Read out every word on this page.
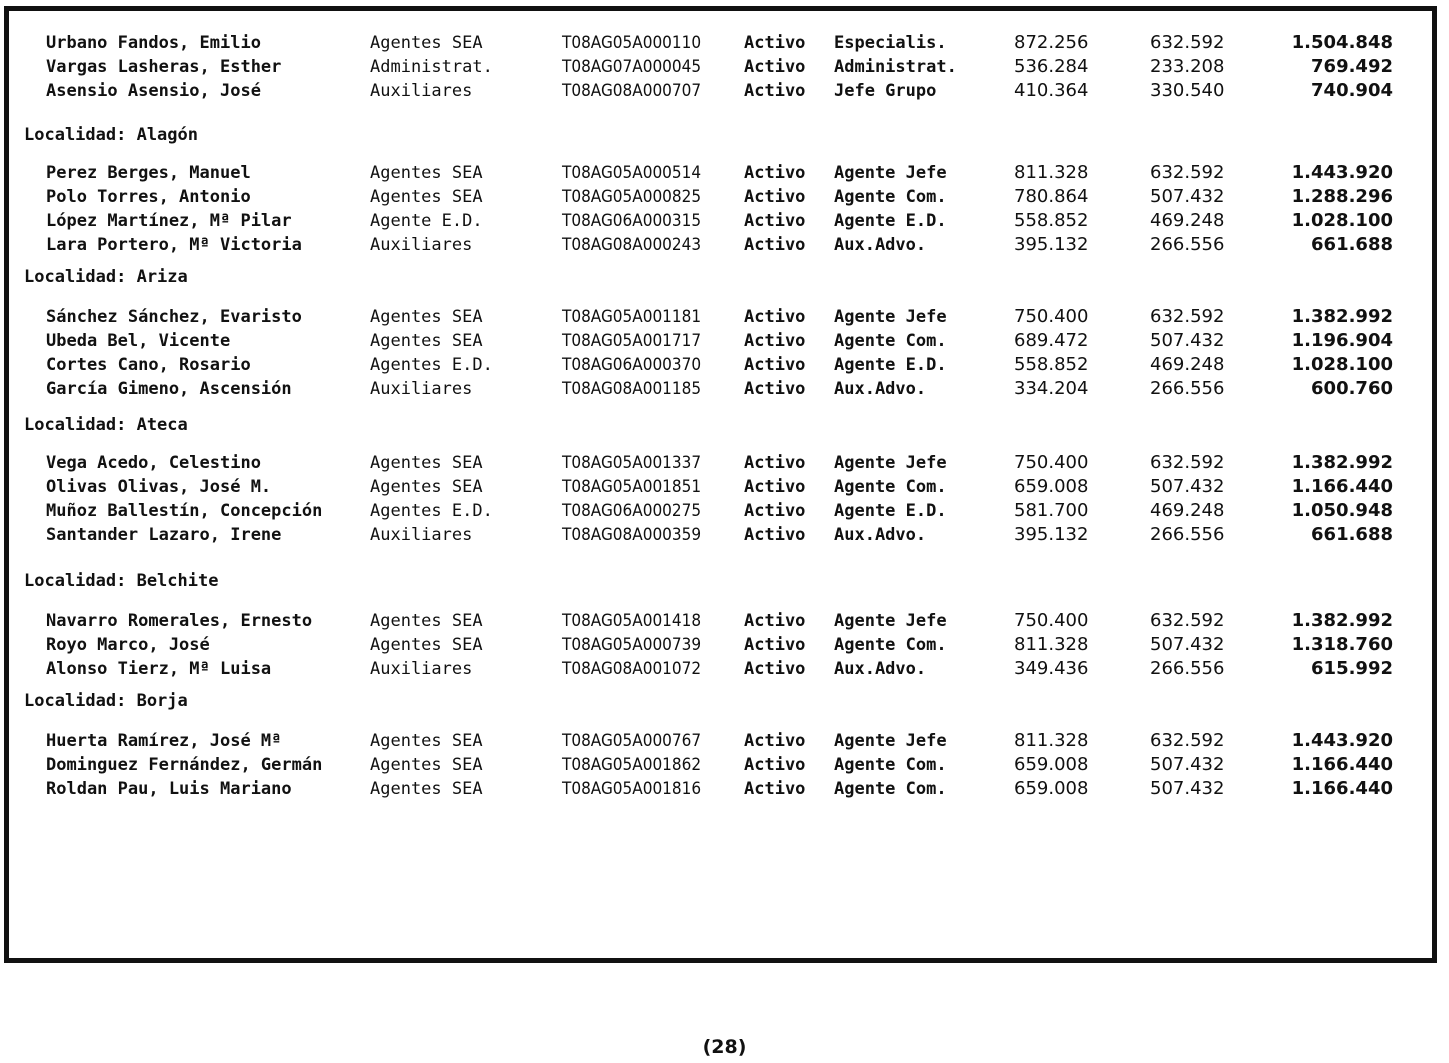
Urbano Fandos, Emilio	Agentes SEA	T08AG05A000110	Activo Especialis.	872.256	632.592	1.504.848
Vargas Lasheras, Esther	Administrat.	T08AG07A000045	Activo Administrat.	536.284	233.208	769.492
Asensio Asensio, José	Auxiliares	T08AG08A000707	Activo Jefe Grupo	410.364	330.540	740.904
Localidad: Alagón
Perez Berges, Manuel	Agentes SEA	T08AG05A000514	Activo Agente Jefe	811.328	632.592	1.443.920
Polo Torres, Antonio	Agentes SEA	T08AG05A000825	Activo Agente Com.	780.864	507.432	1.288.296
López Martínez, Mª Pilar	Agente E.D.	T08AG06A000315	Activo Agente E.D.	558.852	469.248	1.028.100
Lara Portero, Mª Victoria	Auxiliares	T08AG08A000243	Activo Aux.Advo.	395.132	266.556	661.688
Localidad: Ariza
Sánchez Sánchez, Evaristo	Agentes SEA	T08AG05A001181	Activo Agente Jefe	750.400	632.592	1.382.992
Ubeda Bel, Vicente	Agentes SEA	T08AG05A001717	Activo Agente Com.	689.472	507.432	1.196.904
Cortes Cano, Rosario	Agentes E.D.	T08AG06A000370	Activo Agente E.D.	558.852	469.248	1.028.100
García Gimeno, Ascensión	Auxiliares	T08AG08A001185	Activo Aux.Advo.	334.204	266.556	600.760
Localidad: Ateca
Vega Acedo, Celestino	Agentes SEA	T08AG05A001337	Activo Agente Jefe	750.400	632.592	1.382.992
Olivas Olivas, José M.	Agentes SEA	T08AG05A001851	Activo Agente Com.	659.008	507.432	1.166.440
Muñoz Ballestín, Concepción	Agentes E.D.	T08AG06A000275	Activo Agente E.D.	581.700	469.248	1.050.948
Santander Lazaro, Irene	Auxiliares	T08AG08A000359	Activo Aux.Advo.	395.132	266.556	661.688
Localidad: Belchite
Navarro Romerales, Ernesto	Agentes SEA	T08AG05A001418	Activo Agente Jefe	750.400	632.592	1.382.992
Royo Marco, José	Agentes SEA	T08AG05A000739	Activo Agente Com.	811.328	507.432	1.318.760
Alonso Tierz, Mª Luisa	Auxiliares	T08AG08A001072	Activo Aux.Advo.	349.436	266.556	615.992
Localidad: Borja
Huerta Ramírez, José Mª	Agentes SEA	T08AG05A000767	Activo Agente Jefe	811.328	632.592	1.443.920
Dominguez Fernández, Germán	Agentes SEA	T08AG05A001862	Activo Agente Com.	659.008	507.432	1.166.440
Roldan Pau, Luis Mariano	Agentes SEA	T08AG05A001816	Activo Agente Com.	659.008	507.432	1.166.440
(28)
